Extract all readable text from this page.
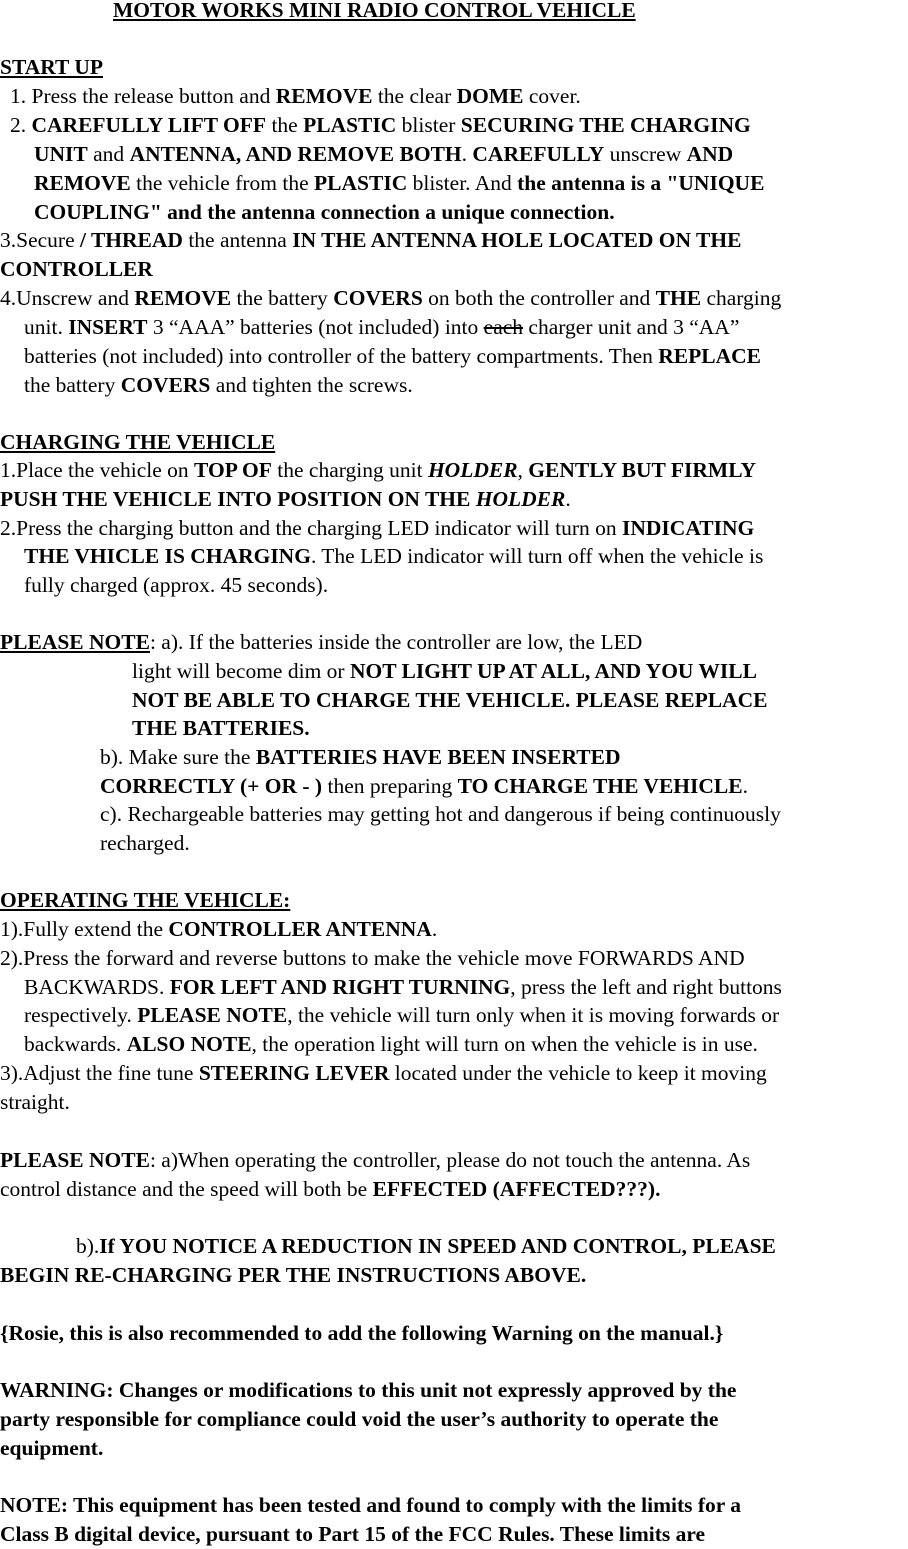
MOTOR WORKS MINI RADIO CONTROL VEHICLE
START UP
1. Press the release button and REMOVE the clear DOME cover.
2. CAREFULLY LIFT OFF the PLASTIC blister SECURING THE CHARGING
UNIT and ANTENNA, AND REMOVE BOTH. CAREFULLY unscrew AND
REMOVE the vehicle from the PLASTIC blister. And the antenna is a "UNIQUE
COUPLING" and the antenna connection a unique connection.
3.Secure / THREAD the antenna IN THE ANTENNA HOLE LOCATED ON THE
CONTROLLER
4.Unscrew and REMOVE the battery COVERS on both the controller and THE charging
unit. INSERT 3 “AAA” batteries (not included) into each charger unit and 3 “AA”
batteries (not included) into controller of the battery compartments. Then REPLACE
the battery COVERS and tighten the screws.
CHARGING THE VEHICLE
1.Place the vehicle on TOP OF the charging unit HOLDER, GENTLY BUT FIRMLY
PUSH THE VEHICLE INTO POSITION ON THE HOLDER.
2.Press the charging button and the charging LED indicator will turn on INDICATING
THE VHICLE IS CHARGING. The LED indicator will turn off when the vehicle is
fully charged (approx. 45 seconds).
PLEASE NOTE: a). If the batteries inside the controller are low, the LED
light will become dim or NOT LIGHT UP AT ALL, AND YOU WILL
NOT BE ABLE TO CHARGE THE VEHICLE. PLEASE REPLACE
THE BATTERIES.
b). Make sure the BATTERIES HAVE BEEN INSERTED
CORRECTLY (+ OR - ) then preparing TO CHARGE THE VEHICLE.
c). Rechargeable batteries may getting hot and dangerous if being continuously
recharged.
OPERATING THE VEHICLE:
1).Fully extend the CONTROLLER ANTENNA.
2).Press the forward and reverse buttons to make the vehicle move FORWARDS AND
BACKWARDS. FOR LEFT AND RIGHT TURNING, press the left and right buttons
respectively. PLEASE NOTE, the vehicle will turn only when it is moving forwards or
backwards. ALSO NOTE, the operation light will turn on when the vehicle is in use.
3).Adjust the fine tune STEERING LEVER located under the vehicle to keep it moving
straight.
PLEASE NOTE: a)When operating the controller, please do not touch the antenna. As
control distance and the speed will both be EFFECTED (AFFECTED???).
b).If YOU NOTICE A REDUCTION IN SPEED AND CONTROL, PLEASE
BEGIN RE-CHARGING PER THE INSTRUCTIONS ABOVE.
{Rosie, this is also recommended to add the following Warning on the manual.}
WARNING: Changes or modifications to this unit not expressly approved by the
party responsible for compliance could void the user’s authority to operate the
equipment.
NOTE: This equipment has been tested and found to comply with the limits for a
Class B digital device, pursuant to Part 15 of the FCC Rules. These limits are
